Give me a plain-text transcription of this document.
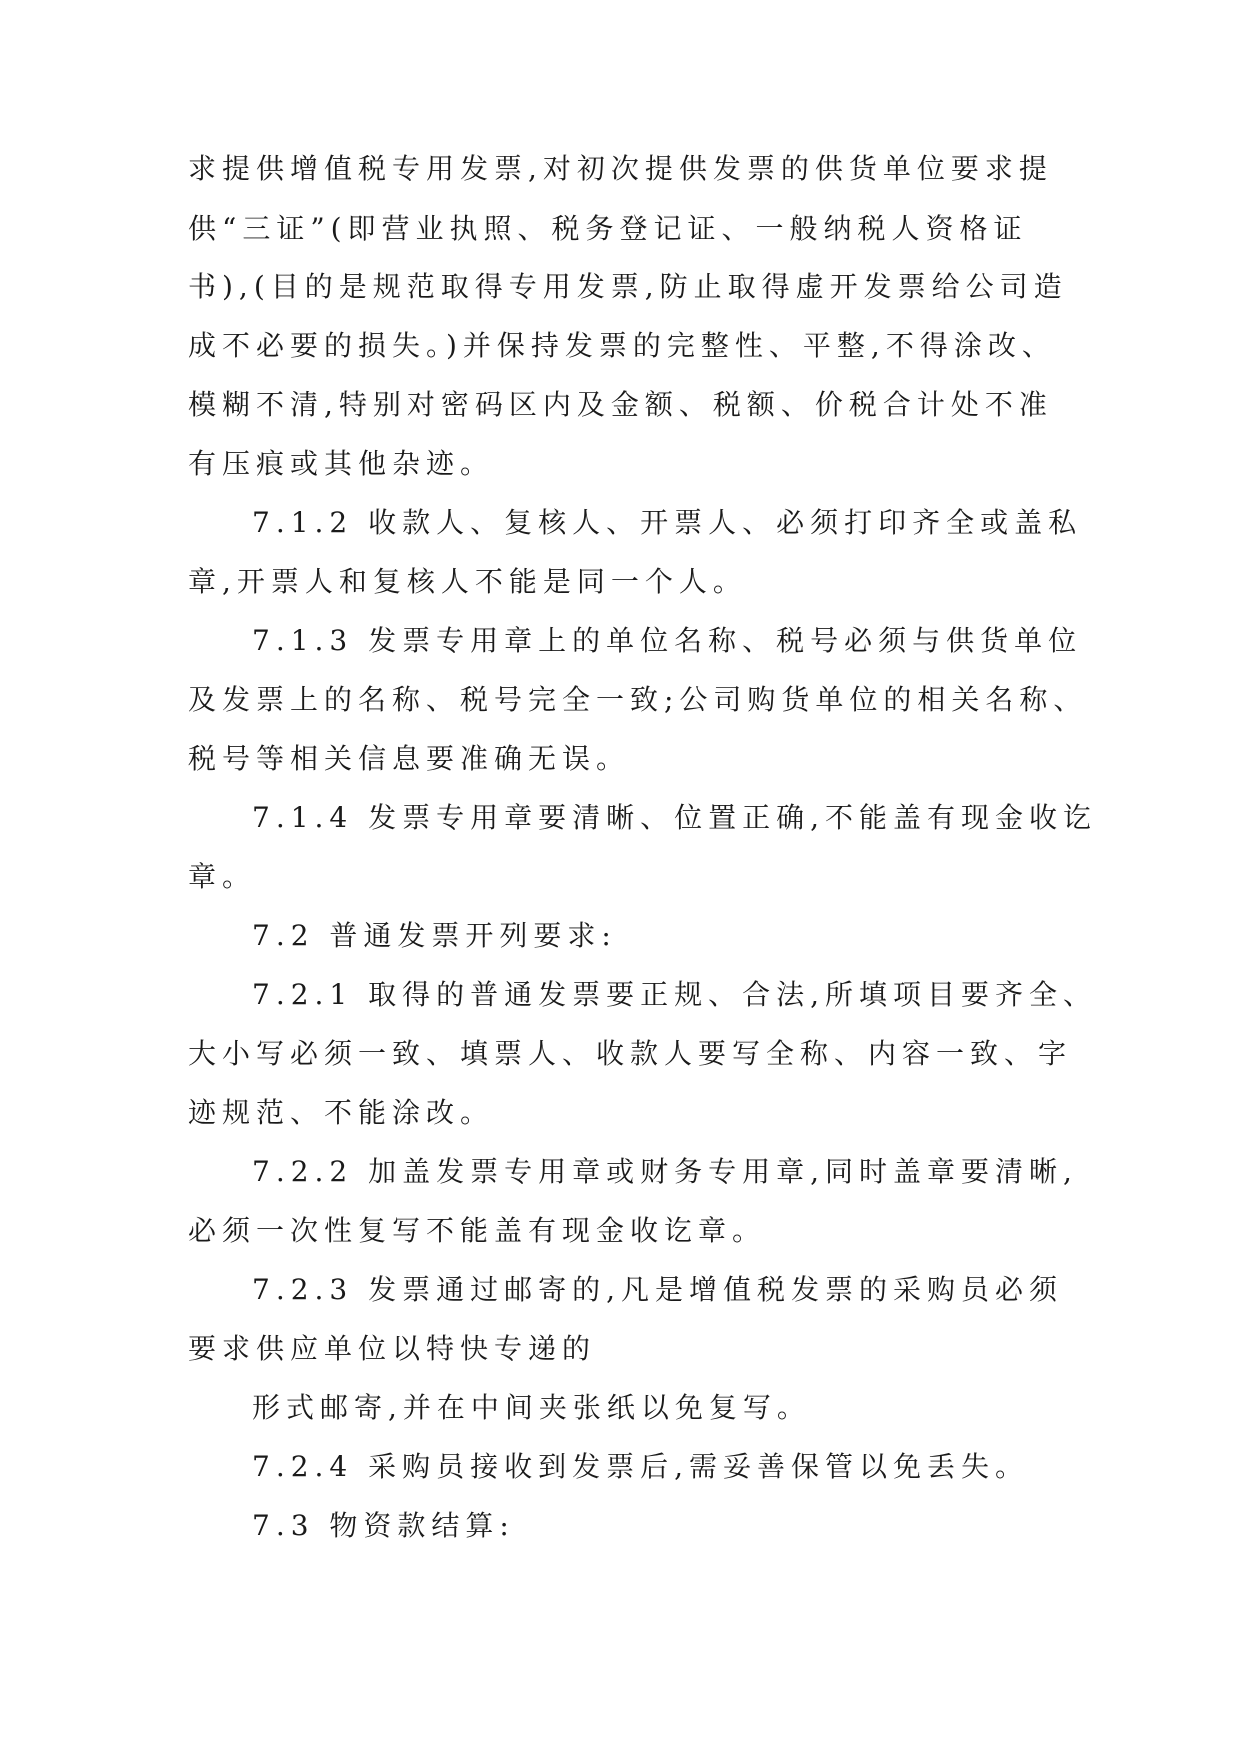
求提供增值税专用发票,对初次提供发票的供货单位要求提
供“三证”(即营业执照、税务登记证、一般纳税人资格证
书),(目的是规范取得专用发票,防止取得虚开发票给公司造
成不必要的损失。)并保持发票的完整性、平整,不得涂改、
模糊不清,特别对密码区内及金额、税额、价税合计处不准
有压痕或其他杂迹。
7.1.2 收款人、复核人、开票人、必须打印齐全或盖私
章,开票人和复核人不能是同一个人。
7.1.3 发票专用章上的单位名称、税号必须与供货单位
及发票上的名称、税号完全一致;公司购货单位的相关名称、
税号等相关信息要准确无误。
7.1.4 发票专用章要清晰、位置正确,不能盖有现金收讫
章。
7.2 普通发票开列要求:
7.2.1 取得的普通发票要正规、合法,所填项目要齐全、
大小写必须一致、填票人、收款人要写全称、内容一致、字
迹规范、不能涂改。
7.2.2 加盖发票专用章或财务专用章,同时盖章要清晰,
必须一次性复写不能盖有现金收讫章。
7.2.3 发票通过邮寄的,凡是增值税发票的采购员必须
要求供应单位以特快专递的
形式邮寄,并在中间夹张纸以免复写。
7.2.4 采购员接收到发票后,需妥善保管以免丢失。
7.3 物资款结算:
